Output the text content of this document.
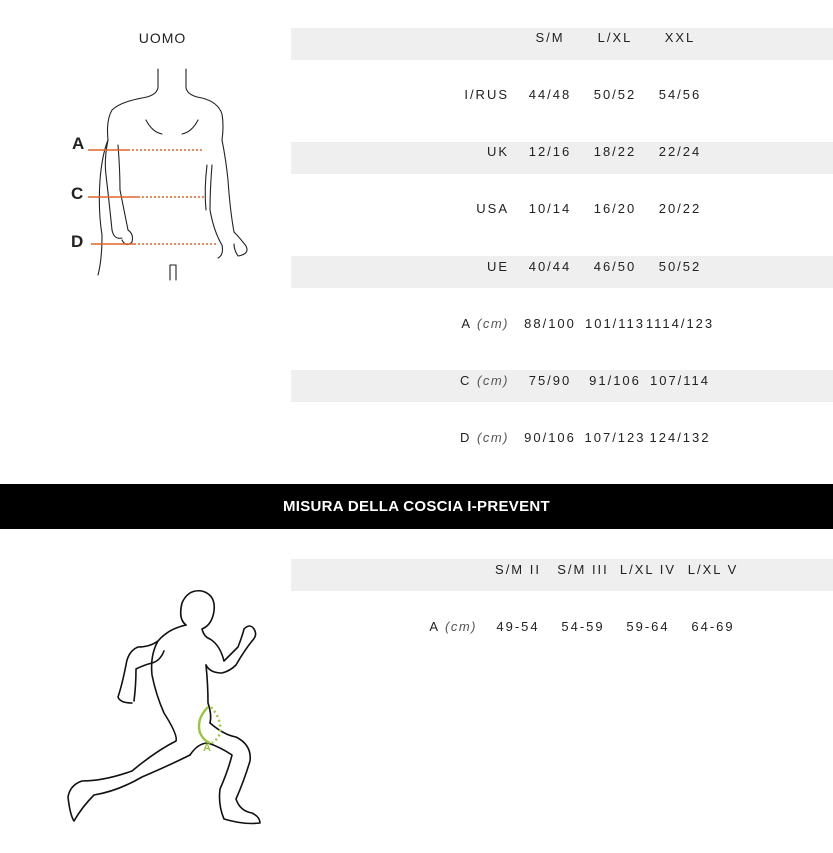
UOMO
A
C
D
S/M	L/XL XXL
I/RUS 44/48 50/52 54/56
UK 12/16 18/22 22/24
USA 10/14 16/20 20/22
UE 40/44 46/50 50/52
A (cm) 88/100 101/113 1114/123
C (cm) 75/90 91/106 107/114
D (cm) 90/106 107/123 124/132
MISURA DELLA COSCIA I-PREVENT
A
S/M II S/M III L/XL IV L/XL V
A (cm) 49-54 54-59 59-64 64-69
